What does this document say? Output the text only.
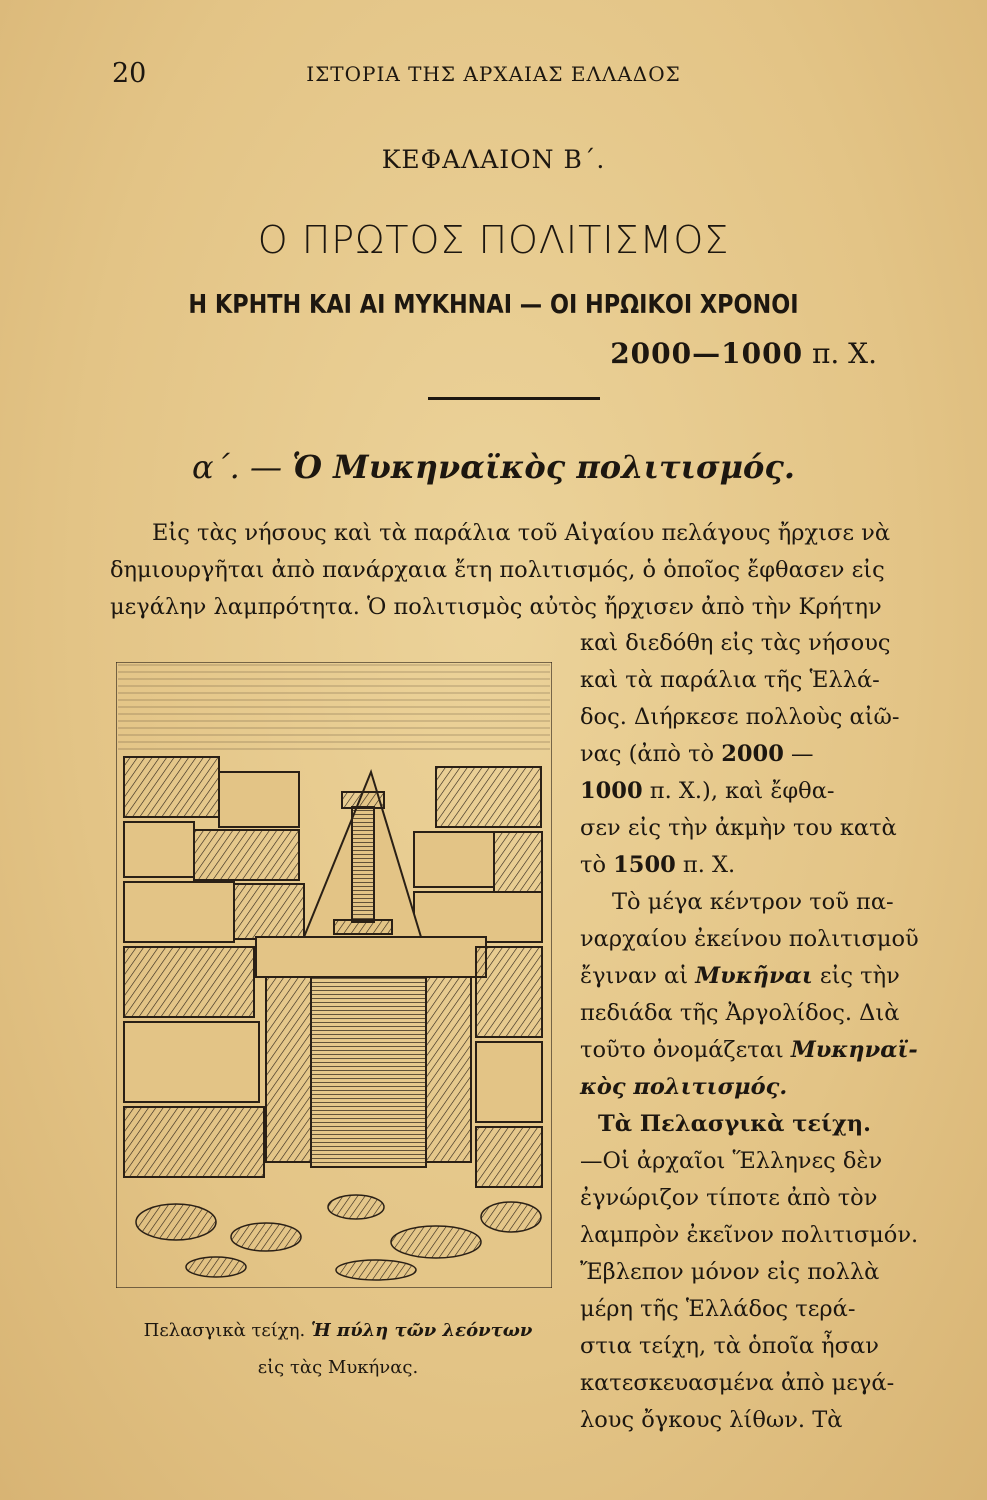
20	ΙΣΤΟΡΙΑ ΤΗΣ ΑΡΧΑΙΑΣ ΕΛΛΑΔΟΣ
ΚΕΦΑΛΑΙΟΝ Β΄.
Ο ΠΡΩΤΟΣ ΠΟΛΙΤΙΣΜΟΣ
Η ΚΡΗΤΗ ΚΑΙ ΑΙ ΜΥΚΗΝΑΙ — ΟΙ ΗΡΩΙΚΟΙ ΧΡΟΝΟΙ
2000—1000 π. Χ.
α΄. — Ὁ Μυκηναϊκὸς πολιτισμός.
Εἰς τὰς νήσους καὶ τὰ παράλια τοῦ Αἰγαίου πελάγους ἤρχισε νὰ
δημιουργῆται ἀπὸ πανάρχαια ἔτη πολιτισμός, ὁ ὁποῖος ἔφθασεν εἰς
μεγάλην λαμπρότητα. Ὁ πολιτισμὸς αὐτὸς ἤρχισεν ἀπὸ τὴν Κρήτην
Πελασγικὰ τείχη. Ἡ πύλη τῶν λεόντων
εἰς τὰς Μυκήνας.
καὶ διεδόθη εἰς τὰς νήσους
καὶ τὰ παράλια τῆς Ἑλλά-
δος. Διήρκεσε πολλοὺς αἰῶ-
νας (ἀπὸ τὸ 2000 —
1000 π. Χ.), καὶ ἔφθα-
σεν εἰς τὴν ἀκμὴν του κατὰ
τὸ 1500 π. Χ.
Τὸ μέγα κέντρον τοῦ πα-
ναρχαίου ἐκείνου πολιτισμοῦ
ἔγιναν αἱ Μυκῆναι εἰς τὴν
πεδιάδα τῆς Ἀργολίδος. Διὰ
τοῦτο ὀνομάζεται Μυκηναϊ-
κὸς πολιτισμός.
Τὰ Πελασγικὰ τείχη.
—Οἱ ἀρχαῖοι Ἕλληνες δὲν
ἐγνώριζον τίποτε ἀπὸ τὸν
λαμπρὸν ἐκεῖνον πολιτισμόν.
Ἔβλεπον μόνον εἰς πολλὰ
μέρη τῆς Ἑλλάδος τερά-
στια τείχη, τὰ ὁποῖα ἦσαν
κατεσκευασμένα ἀπὸ μεγά-
λους ὄγκους λίθων. Τὰ
